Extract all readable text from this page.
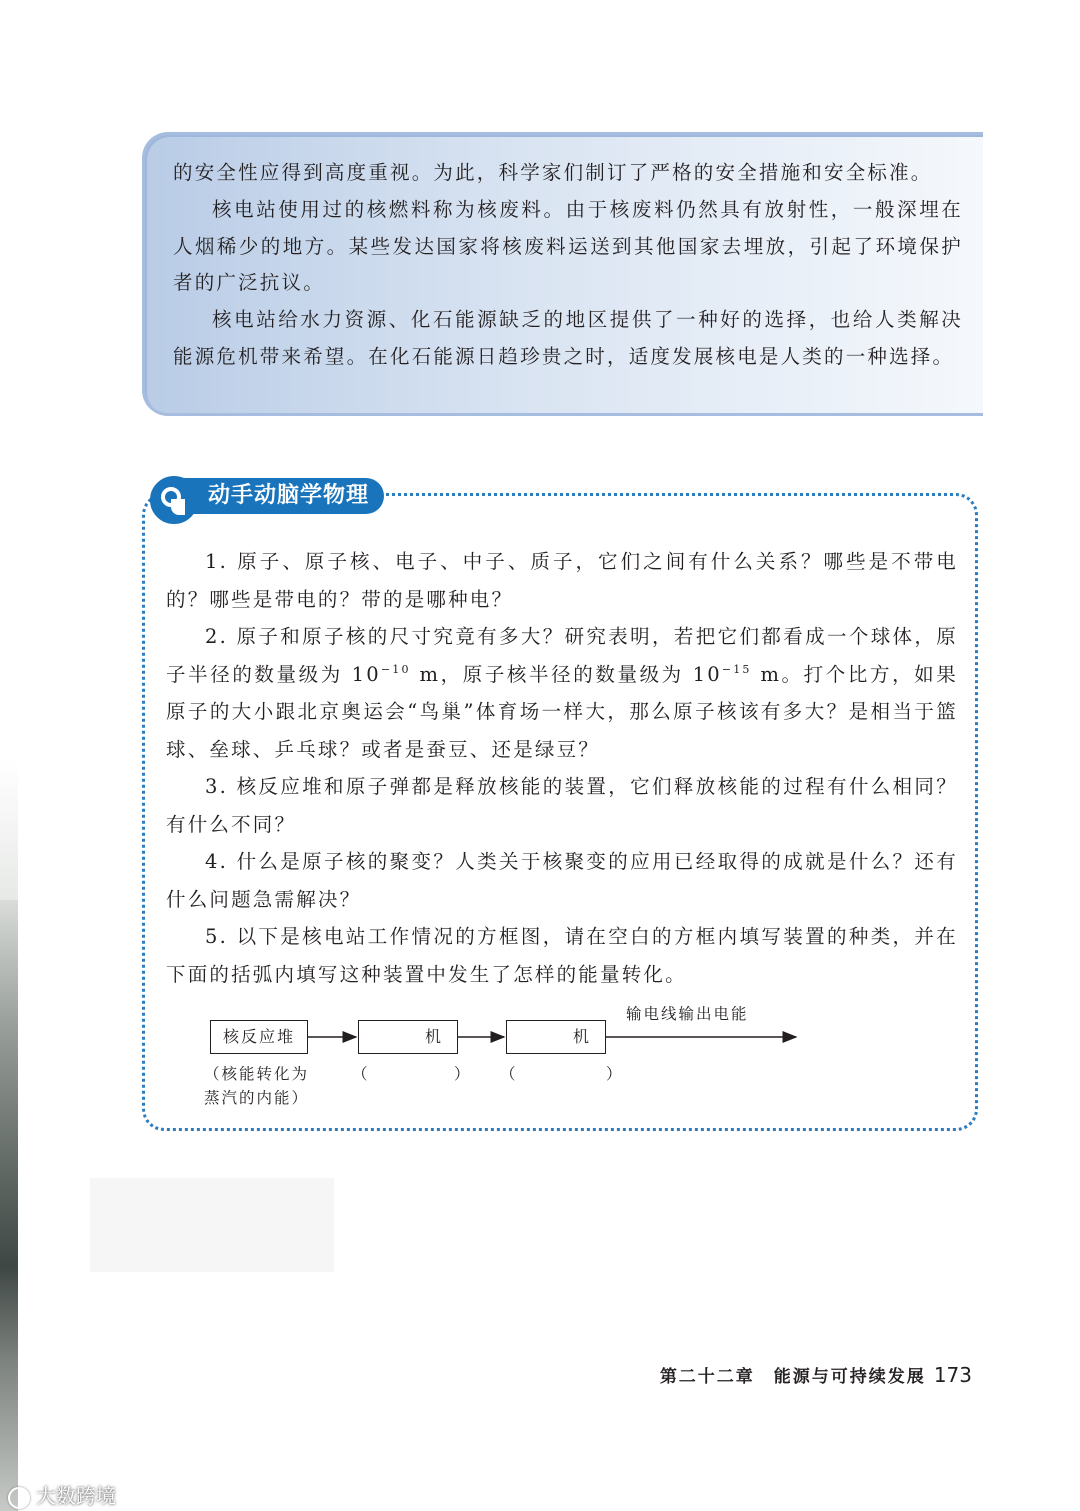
的安全性应得到高度重视。为此，科学家们制订了严格的安全措施和安全标准。
核电站使用过的核燃料称为核废料。由于核废料仍然具有放射性，一般深埋在人烟稀少的地方。某些发达国家将核废料运送到其他国家去埋放，引起了环境保护者的广泛抗议。
核电站给水力资源、化石能源缺乏的地区提供了一种好的选择，也给人类解决能源危机带来希望。在化石能源日趋珍贵之时，适度发展核电是人类的一种选择。
动手动脑学物理
1. 原子、原子核、电子、中子、质子，它们之间有什么关系？哪些是不带电的？哪些是带电的？带的是哪种电？
2. 原子和原子核的尺寸究竟有多大？研究表明，若把它们都看成一个球体，原子半径的数量级为 $10^{-10}$ m，原子核半径的数量级为 $10^{-15}$ m。打个比方，如果原子的大小跟北京奥运会“鸟巢”体育场一样大，那么原子核该有多大？是相当于篮球、垒球、乒乓球？或者是蚕豆、还是绿豆？
3. 核反应堆和原子弹都是释放核能的装置，它们释放核能的过程有什么相同？有什么不同？
4. 什么是原子核的聚变？人类关于核聚变的应用已经取得的成就是什么？还有什么问题急需解决？
5. 以下是核电站工作情况的方框图，请在空白的方框内填写装置的种类，并在下面的括弧内填写这种装置中发生了怎样的能量转化。
核反应堆	机	机
输电线输出电能
（核能转化为
蒸汽的内能）
（	） （	）
第二十二章　能源与可持续发展 173
大数跨境
